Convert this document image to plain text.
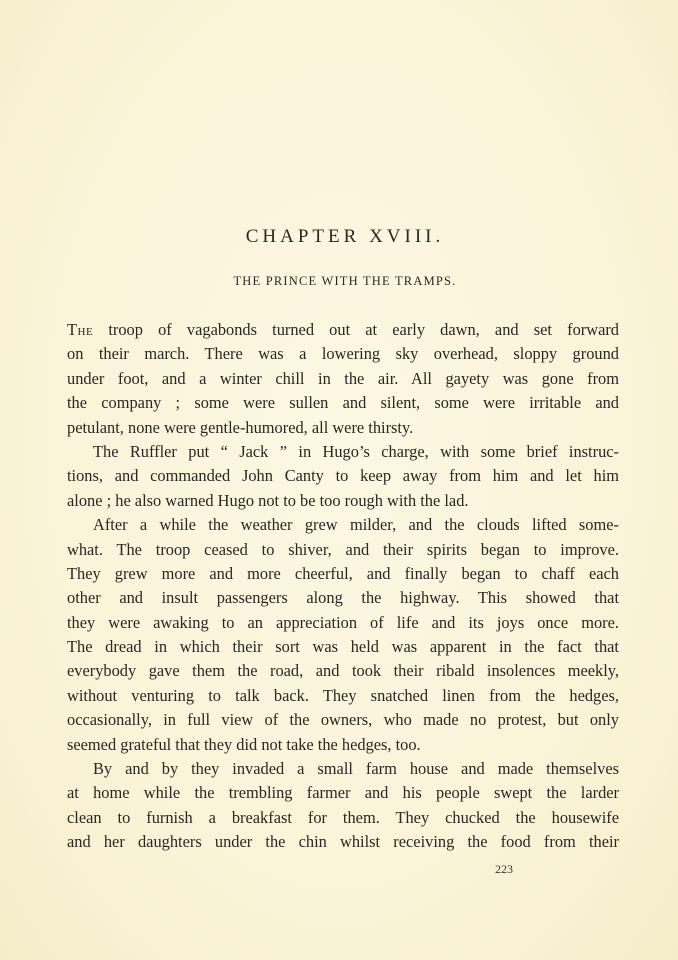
CHAPTER XVIII.
THE PRINCE WITH THE TRAMPS.
The troop of vagabonds turned out at early dawn, and set forward
on their march. There was a lowering sky overhead, sloppy ground
under foot, and a winter chill in the air. All gayety was gone from
the company ; some were sullen and silent, some were irritable and
petulant, none were gentle-humored, all were thirsty.
The Ruffler put “ Jack ” in Hugo’s charge, with some brief instruc-
tions, and commanded John Canty to keep away from him and let him
alone ; he also warned Hugo not to be too rough with the lad.
After a while the weather grew milder, and the clouds lifted some-
what. The troop ceased to shiver, and their spirits began to improve.
They grew more and more cheerful, and finally began to chaff each
other and insult passengers along the highway. This showed that
they were awaking to an appreciation of life and its joys once more.
The dread in which their sort was held was apparent in the fact that
everybody gave them the road, and took their ribald insolences meekly,
without venturing to talk back. They snatched linen from the hedges,
occasionally, in full view of the owners, who made no protest, but only
seemed grateful that they did not take the hedges, too.
By and by they invaded a small farm house and made themselves
at home while the trembling farmer and his people swept the larder
clean to furnish a breakfast for them. They chucked the housewife
and her daughters under the chin whilst receiving the food from their
223
